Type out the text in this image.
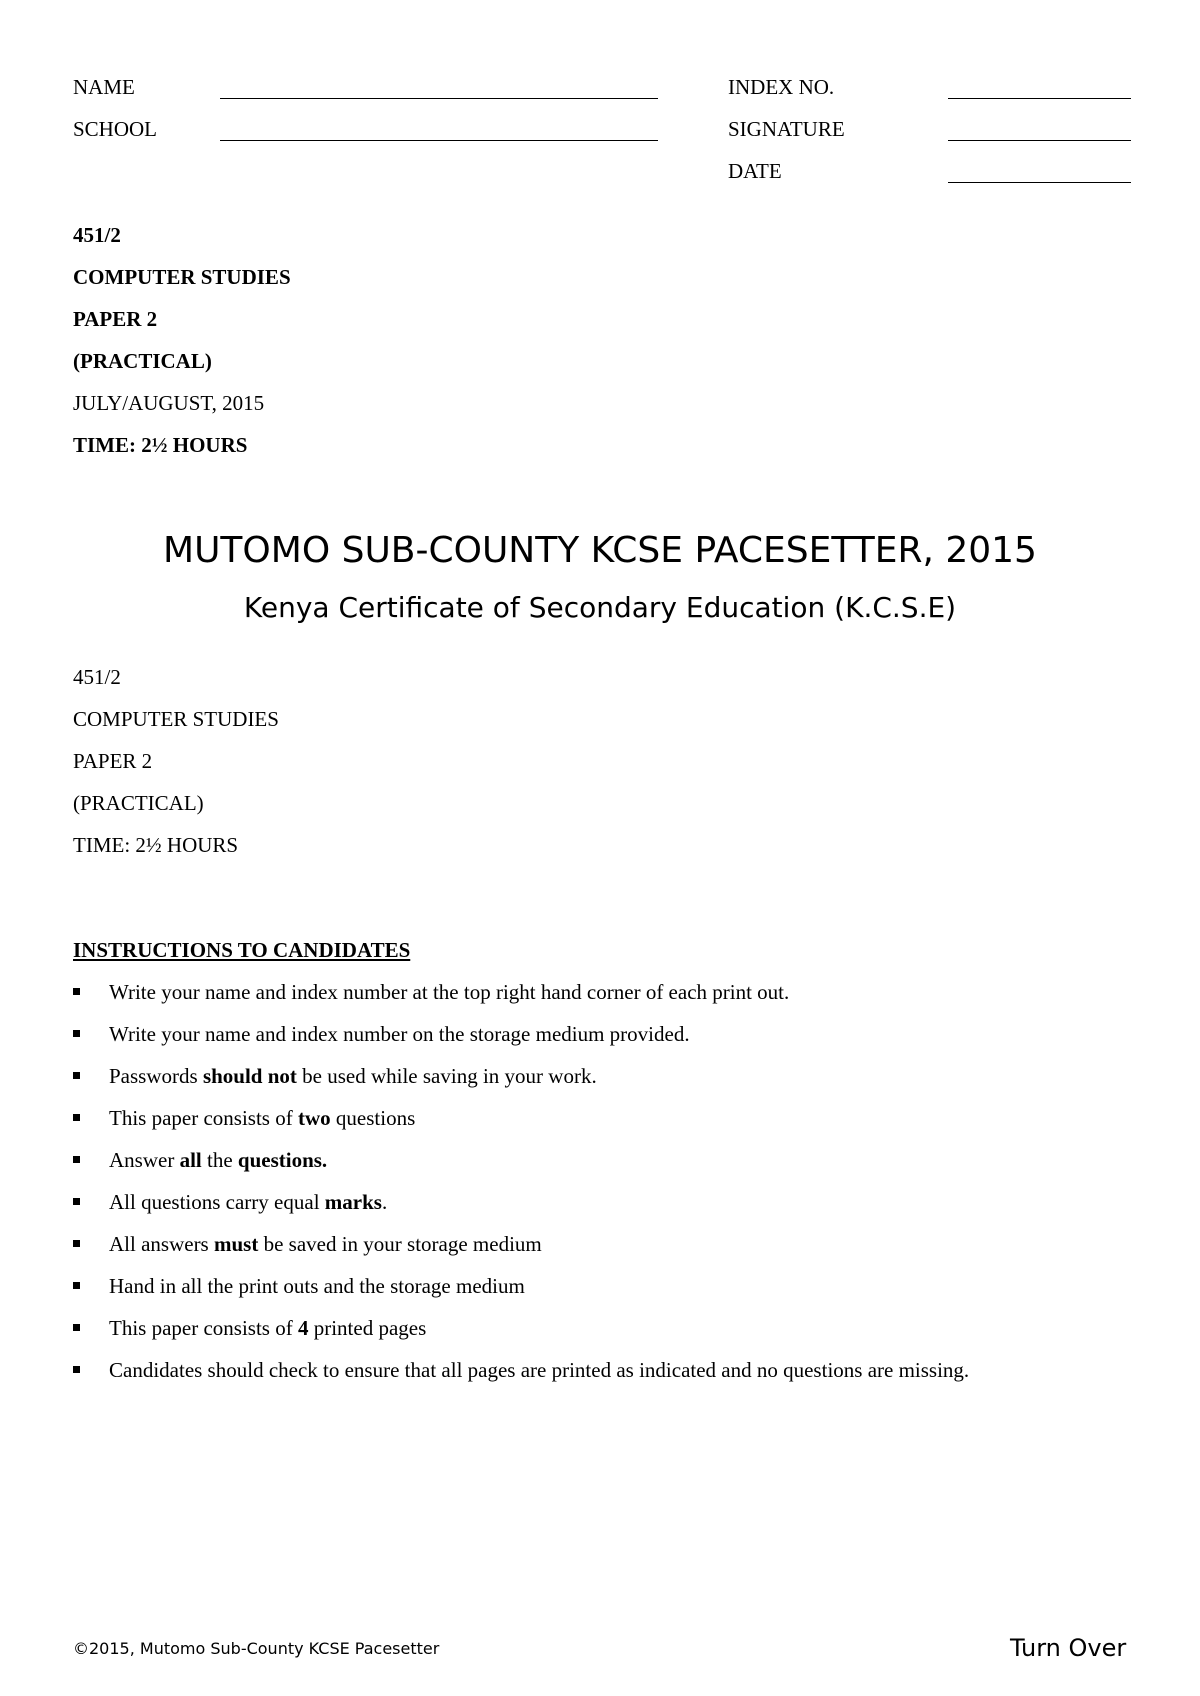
NAME
SCHOOL
INDEX NO.
SIGNATURE
DATE
451/2
COMPUTER STUDIES
PAPER 2
(PRACTICAL)
JULY/AUGUST, 2015
TIME: 2½ HOURS
MUTOMO SUB-COUNTY KCSE PACESETTER, 2015
Kenya Certificate of Secondary Education (K.C.S.E)
451/2
COMPUTER STUDIES
PAPER 2
(PRACTICAL)
TIME: 2½ HOURS
INSTRUCTIONS TO CANDIDATES
Write your name and index number at the top right hand corner of each print out.
Write your name and index number on the storage medium provided.
Passwords should not be used while saving in your work.
This paper consists of two questions
Answer all the questions.
All questions carry equal marks.
All answers must be saved in your storage medium
Hand in all the print outs and the storage medium
This paper consists of 4 printed pages
Candidates should check to ensure that all pages are printed as indicated and no questions are missing.
©2015, Mutomo Sub-County KCSE Pacesetter	Turn Over
